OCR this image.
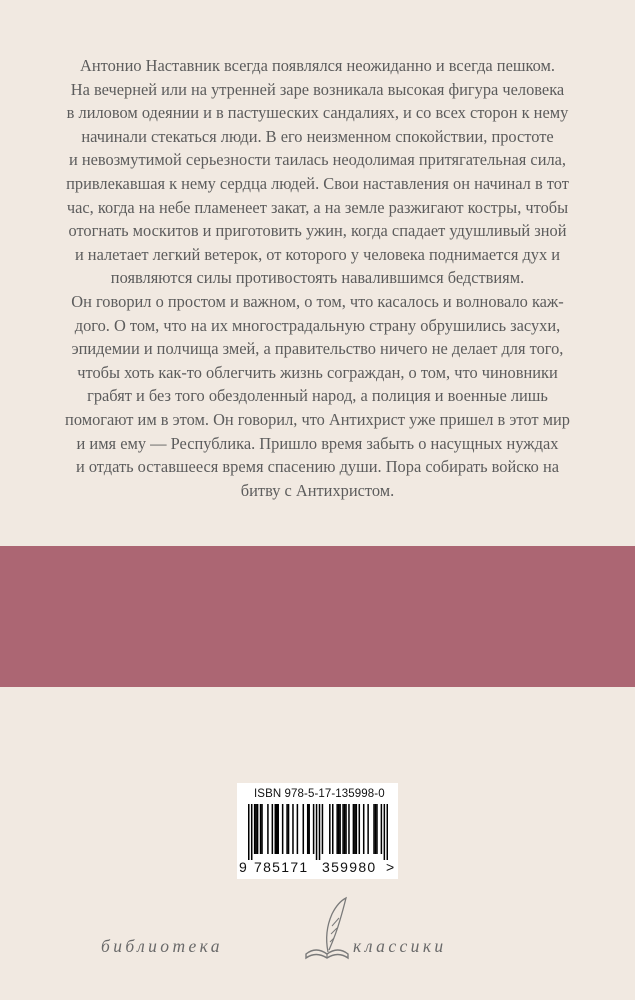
Антонио Наставник всегда появлялся неожиданно и всегда пешком.

На вечерней или на утренней заре возникала высокая фигура человека

в лиловом одеянии и в пастушеских сандалиях, и со всех сторон к нему

начинали стекаться люди. В его неизменном спокойствии, простоте

и невозмутимой серьезности таилась неодолимая притягательная сила,

привлекавшая к нему сердца людей. Свои наставления он начинал в тот

час, когда на небе пламенеет закат, а на земле разжигают костры, чтобы

отогнать москитов и приготовить ужин, когда спадает удушливый зной

и налетает легкий ветерок, от которого у человека поднимается дух и

появляются силы противостоять навалившимся бедствиям.

Он говорил о простом и важном, о том, что касалось и волновало каж-

дого. О том, что на их многострадальную страну обрушились засухи,

эпидемии и полчища змей, а правительство ничего не делает для того,

чтобы хоть как-то облегчить жизнь сограждан, о том, что чиновники

грабят и без того обездоленный народ, а полиция и военные лишь

помогают им в этом. Он говорил, что Антихрист уже пришел в этот мир

и имя ему — Республика. Пришло время забыть о насущных нуждах

и отдать оставшееся время спасению души. Пора собирать войско на

битву с Антихристом.

ISBN 978-5-17-135998-0
9 785171 359980 >
библиотека	классики
